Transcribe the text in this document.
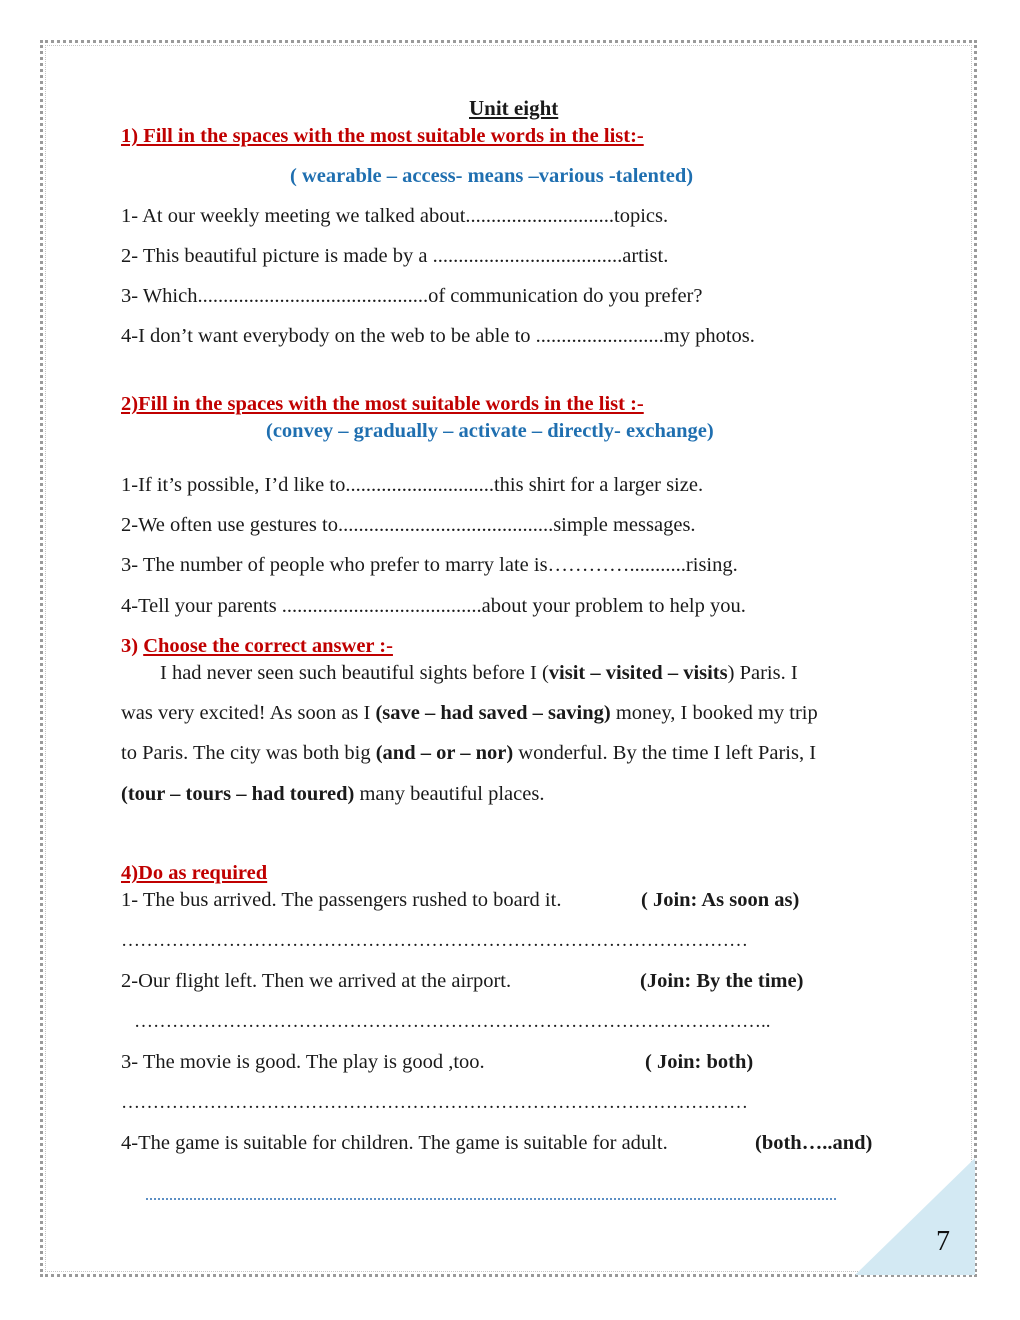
7
Unit eight
1) Fill in the spaces with the most suitable words in the list:-
( wearable – access- means –various -talented)
1- At our weekly meeting we talked about.............................topics.
2- This beautiful picture is made by a .....................................artist.
3- Which.............................................of communication do you prefer?
4-I don’t want everybody on the web to be able to .........................my photos.
2)Fill in the spaces with the most suitable words in the list :-
(convey – gradually – activate – directly- exchange)
1-If it’s possible, I’d like to.............................this shirt for a larger size.
2-We often use gestures to..........................................simple messages.
3- The number of people who prefer to marry late is…………...........rising.
4-Tell your parents .......................................about your problem to help you.
3) Choose the correct answer :-
I had never seen such beautiful sights before I (visit – visited – visits) Paris. I
was very excited! As soon as I (save – had saved – saving) money, I booked my trip
to Paris. The city was both big (and – or – nor) wonderful. By the time I left Paris, I
(tour – tours – had toured) many beautiful places.
4)Do as required
1- The bus arrived. The passengers rushed to board it.	( Join: As soon as)
………………………………………………………………………………………
2-Our flight left. Then we arrived at the airport.	(Join: By the time)
………………………………………………………………………………………..
3- The movie is good. The play is good ,too.	( Join: both)
………………………………………………………………………………………
4-The game is suitable for children. The game is suitable for adult.	(both…..and)
